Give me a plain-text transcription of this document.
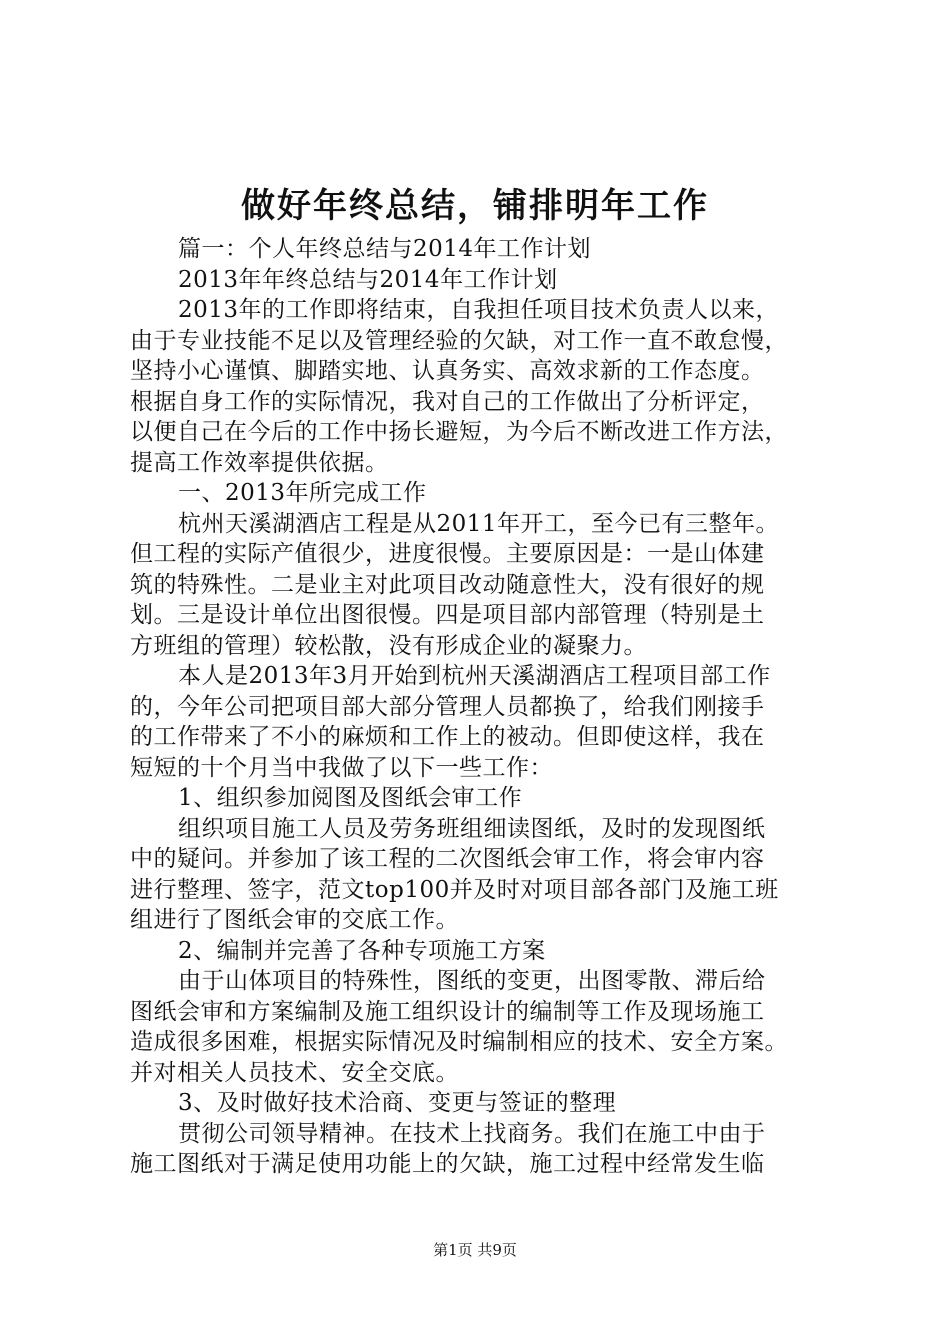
做好年终总结，铺排明年工作
篇一：个人年终总结与2014年工作计划
2013年年终总结与2014年工作计划
2013年的工作即将结束，自我担任项目技术负责人以来，
由于专业技能不足以及管理经验的欠缺，对工作一直不敢怠慢，
坚持小心谨慎、脚踏实地、认真务实、高效求新的工作态度。
根据自身工作的实际情况，我对自己的工作做出了分析评定，
以便自己在今后的工作中扬长避短，为今后不断改进工作方法，
提高工作效率提供依据。
一、2013年所完成工作
杭州天溪湖酒店工程是从2011年开工，至今已有三整年。
但工程的实际产值很少，进度很慢。主要原因是：一是山体建
筑的特殊性。二是业主对此项目改动随意性大，没有很好的规
划。三是设计单位出图很慢。四是项目部内部管理（特别是土
方班组的管理）较松散，没有形成企业的凝聚力。
本人是2013年3月开始到杭州天溪湖酒店工程项目部工作
的，今年公司把项目部大部分管理人员都换了，给我们刚接手
的工作带来了不小的麻烦和工作上的被动。但即使这样，我在
短短的十个月当中我做了以下一些工作：
1、组织参加阅图及图纸会审工作
组织项目施工人员及劳务班组细读图纸，及时的发现图纸
中的疑问。并参加了该工程的二次图纸会审工作，将会审内容
进行整理、签字，范文top100并及时对项目部各部门及施工班
组进行了图纸会审的交底工作。
2、编制并完善了各种专项施工方案
由于山体项目的特殊性，图纸的变更，出图零散、滞后给
图纸会审和方案编制及施工组织设计的编制等工作及现场施工
造成很多困难，根据实际情况及时编制相应的技术、安全方案。
并对相关人员技术、安全交底。
3、及时做好技术洽商、变更与签证的整理
贯彻公司领导精神。在技术上找商务。我们在施工中由于
施工图纸对于满足使用功能上的欠缺，施工过程中经常发生临
第1页 共9页
